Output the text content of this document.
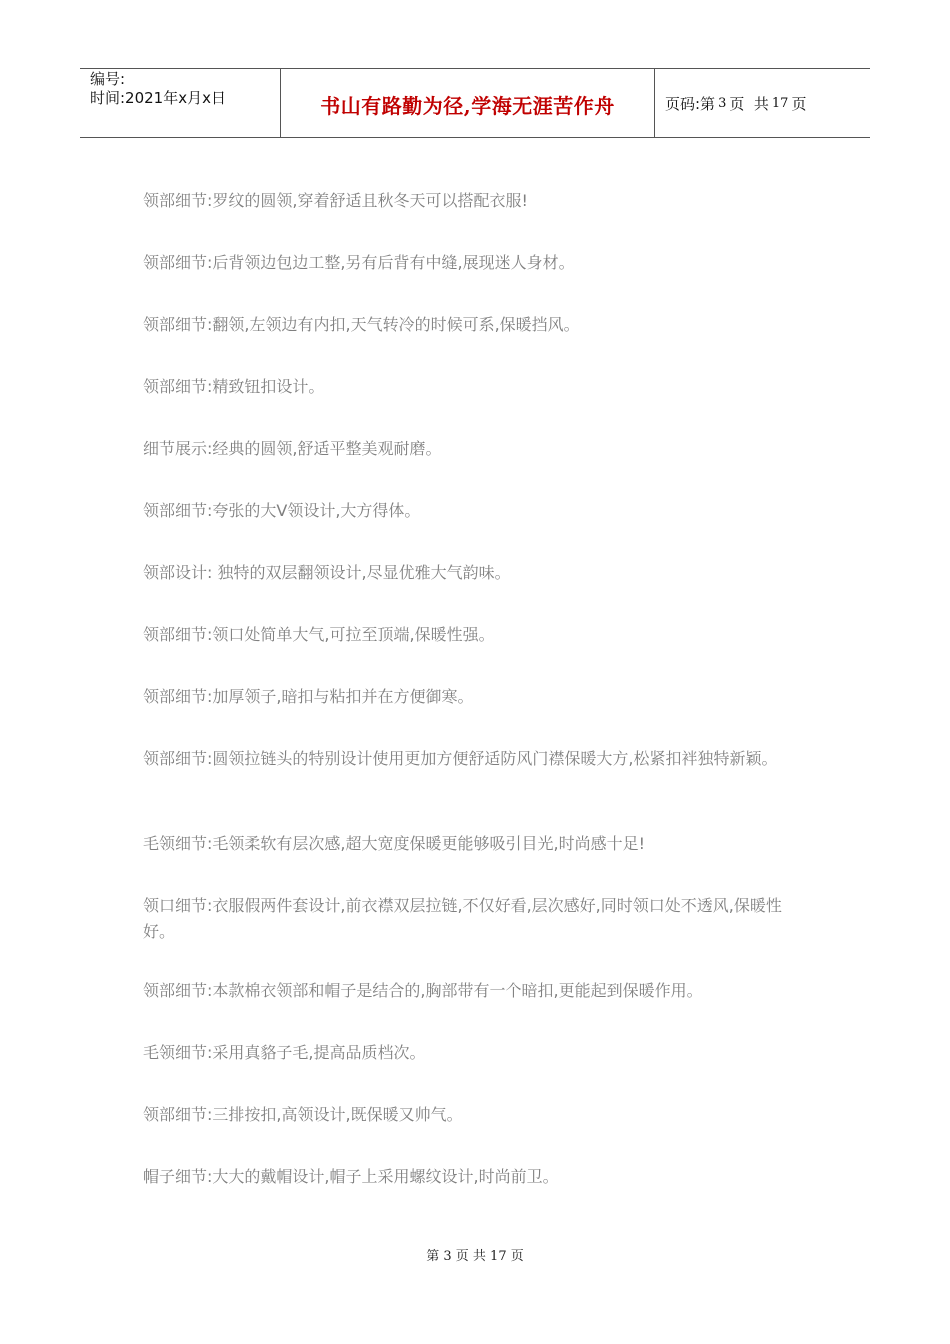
编号:
时间:2021年x月x日	书山有路勤为径,学海无涯苦作舟	页码:第 3 页  共 17 页
领部细节:罗纹的圆领,穿着舒适且秋冬天可以搭配衣服!
领部细节:后背领边包边工整,另有后背有中缝,展现迷人身材。
领部细节:翻领,左领边有内扣,天气转冷的时候可系,保暖挡风。
领部细节:精致钮扣设计。
细节展示:经典的圆领,舒适平整美观耐磨。
领部细节:夸张的大V领设计,大方得体。
领部设计: 独特的双层翻领设计,尽显优雅大气韵味。
领部细节:领口处简单大气,可拉至顶端,保暖性强。
领部细节:加厚领子,暗扣与粘扣并在方便御寒。
领部细节:圆领拉链头的特别设计使用更加方便舒适防风门襟保暖大方,松紧扣袢独特新颖。
毛领细节:毛领柔软有层次感,超大宽度保暖更能够吸引目光,时尚感十足!
领口细节:衣服假两件套设计,前衣襟双层拉链,不仅好看,层次感好,同时领口处不透风,保暖性好。
领部细节:本款棉衣领部和帽子是结合的,胸部带有一个暗扣,更能起到保暖作用。
毛领细节:采用真貉子毛,提高品质档次。
领部细节:三排按扣,高领设计,既保暖又帅气。
帽子细节:大大的戴帽设计,帽子上采用螺纹设计,时尚前卫。
第 3 页 共 17 页
